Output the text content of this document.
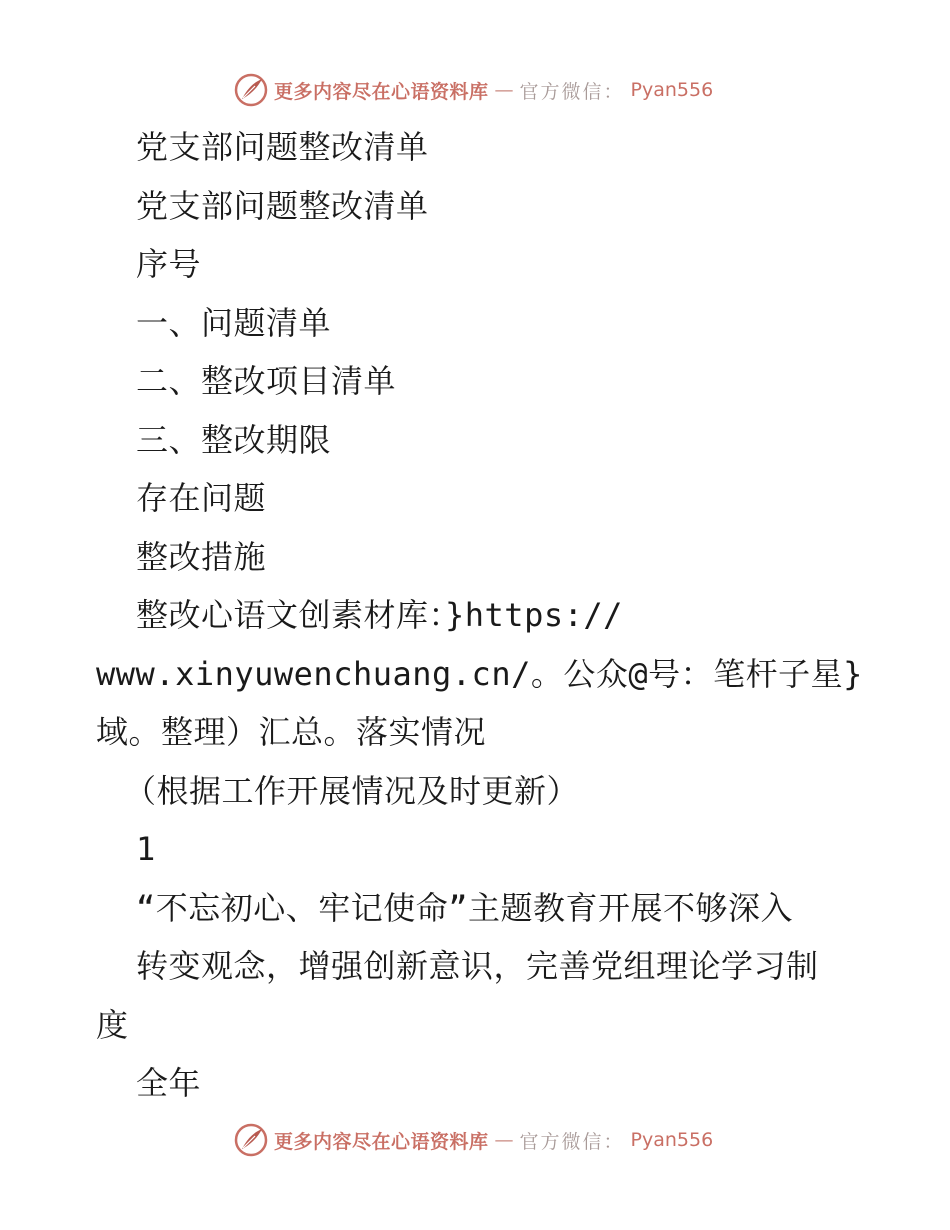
更多内容尽在心语资料库 — 官方微信： Pyan556
党支部问题整改清单
党支部问题整改清单
序号
一、问题清单
二、整改项目清单
三、整改期限
存在问题
整改措施
整改心语文创素材库：}https://
www.xinyuwenchuang.cn/。公众@号：笔杆子星}
域。整理）汇总。落实情况
（根据工作开展情况及时更新）
1
“不忘初心、牢记使命”主题教育开展不够深入
转变观念，增强创新意识，完善党组理论学习制
度
全年
更多内容尽在心语资料库 — 官方微信： Pyan556
